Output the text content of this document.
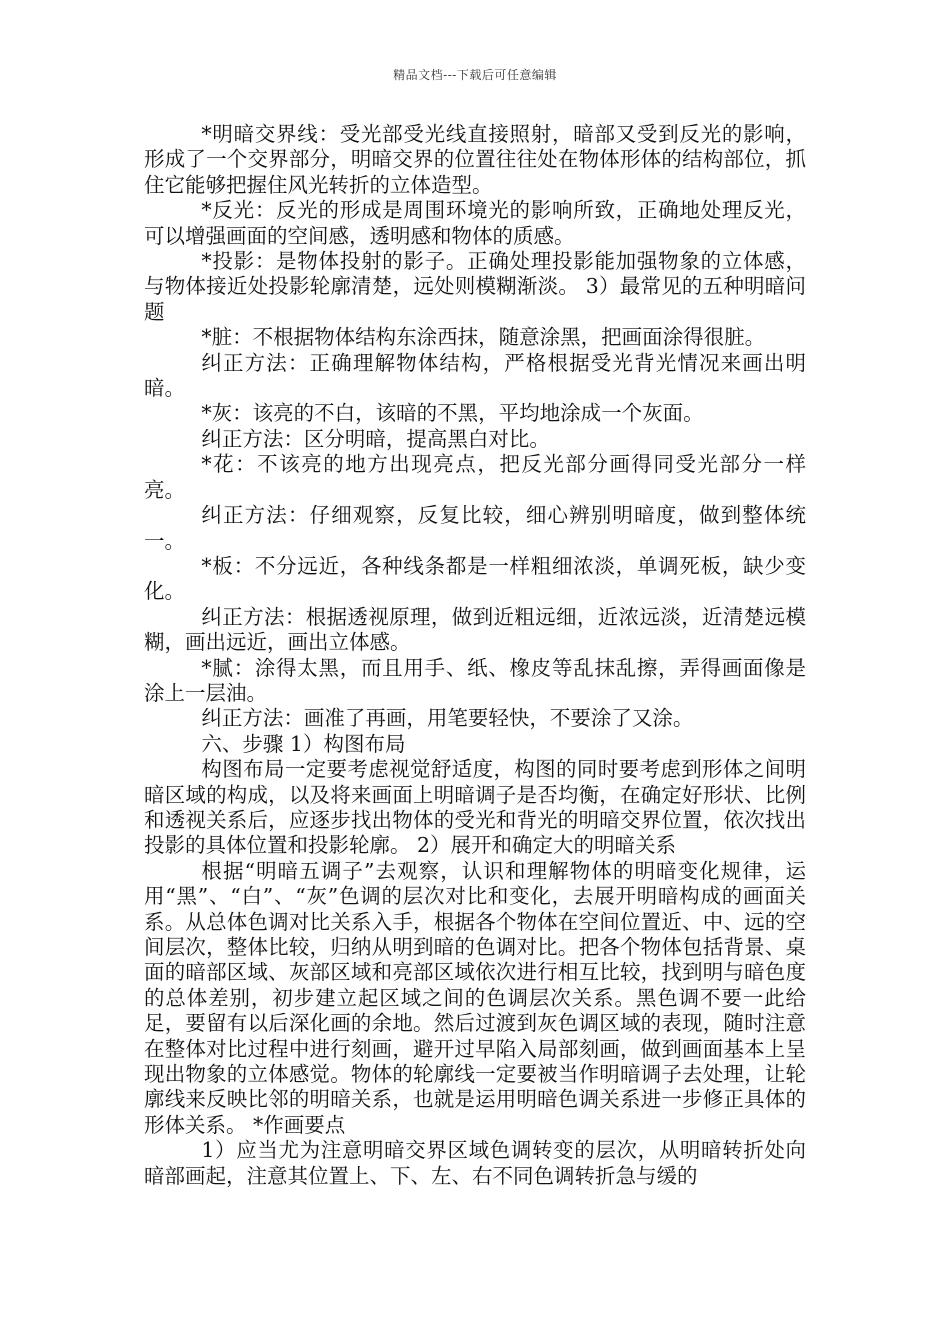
精品文档---下载后可任意编辑

*明暗交界线：受光部受光线直接照射，暗部又受到反光的影响，形成了一个交界部分，明暗交界的位置往往处在物体形体的结构部位，抓住它能够把握住风光转折的立体造型。

*反光：反光的形成是周围环境光的影响所致，正确地处理反光，可以增强画面的空间感，透明感和物体的质感。

*投影：是物体投射的影子。正确处理投影能加强物象的立体感，与物体接近处投影轮廓清楚，远处则模糊渐淡。 3）最常见的五种明暗问题

*脏：不根据物体结构东涂西抹，随意涂黑，把画面涂得很脏。

纠正方法：正确理解物体结构，严格根据受光背光情况来画出明暗。

*灰：该亮的不白，该暗的不黑，平均地涂成一个灰面。

纠正方法：区分明暗，提高黑白对比。

*花：不该亮的地方出现亮点，把反光部分画得同受光部分一样亮。

纠正方法：仔细观察，反复比较，细心辨别明暗度，做到整体统一。

*板：不分远近，各种线条都是一样粗细浓淡，单调死板，缺少变化。

纠正方法：根据透视原理，做到近粗远细，近浓远淡，近清楚远模糊，画出远近，画出立体感。

*腻：涂得太黑，而且用手、纸、橡皮等乱抹乱擦，弄得画面像是涂上一层油。

纠正方法：画准了再画，用笔要轻快，不要涂了又涂。

六、步骤 1）构图布局

构图布局一定要考虑视觉舒适度，构图的同时要考虑到形体之间明暗区域的构成，以及将来画面上明暗调子是否均衡，在确定好形状、比例和透视关系后，应逐步找出物体的受光和背光的明暗交界位置，依次找出投影的具体位置和投影轮廓。 2）展开和确定大的明暗关系

根据“明暗五调子”去观察，认识和理解物体的明暗变化规律，运用“黑”、“白”、“灰”色调的层次对比和变化，去展开明暗构成的画面关系。从总体色调对比关系入手，根据各个物体在空间位置近、中、远的空间层次，整体比较，归纳从明到暗的色调对比。把各个物体包括背景、桌面的暗部区域、灰部区域和亮部区域依次进行相互比较，找到明与暗色度的总体差别，初步建立起区域之间的色调层次关系。黑色调不要一此给足，要留有以后深化画的余地。然后过渡到灰色调区域的表现，随时注意在整体对比过程中进行刻画，避开过早陷入局部刻画，做到画面基本上呈现出物象的立体感觉。物体的轮廓线一定要被当作明暗调子去处理，让轮廓线来反映比邻的明暗关系，也就是运用明暗色调关系进一步修正具体的形体关系。 *作画要点

1）应当尤为注意明暗交界区域色调转变的层次，从明暗转折处向暗部画起，注意其位置上、下、左、右不同色调转折急与缓的
